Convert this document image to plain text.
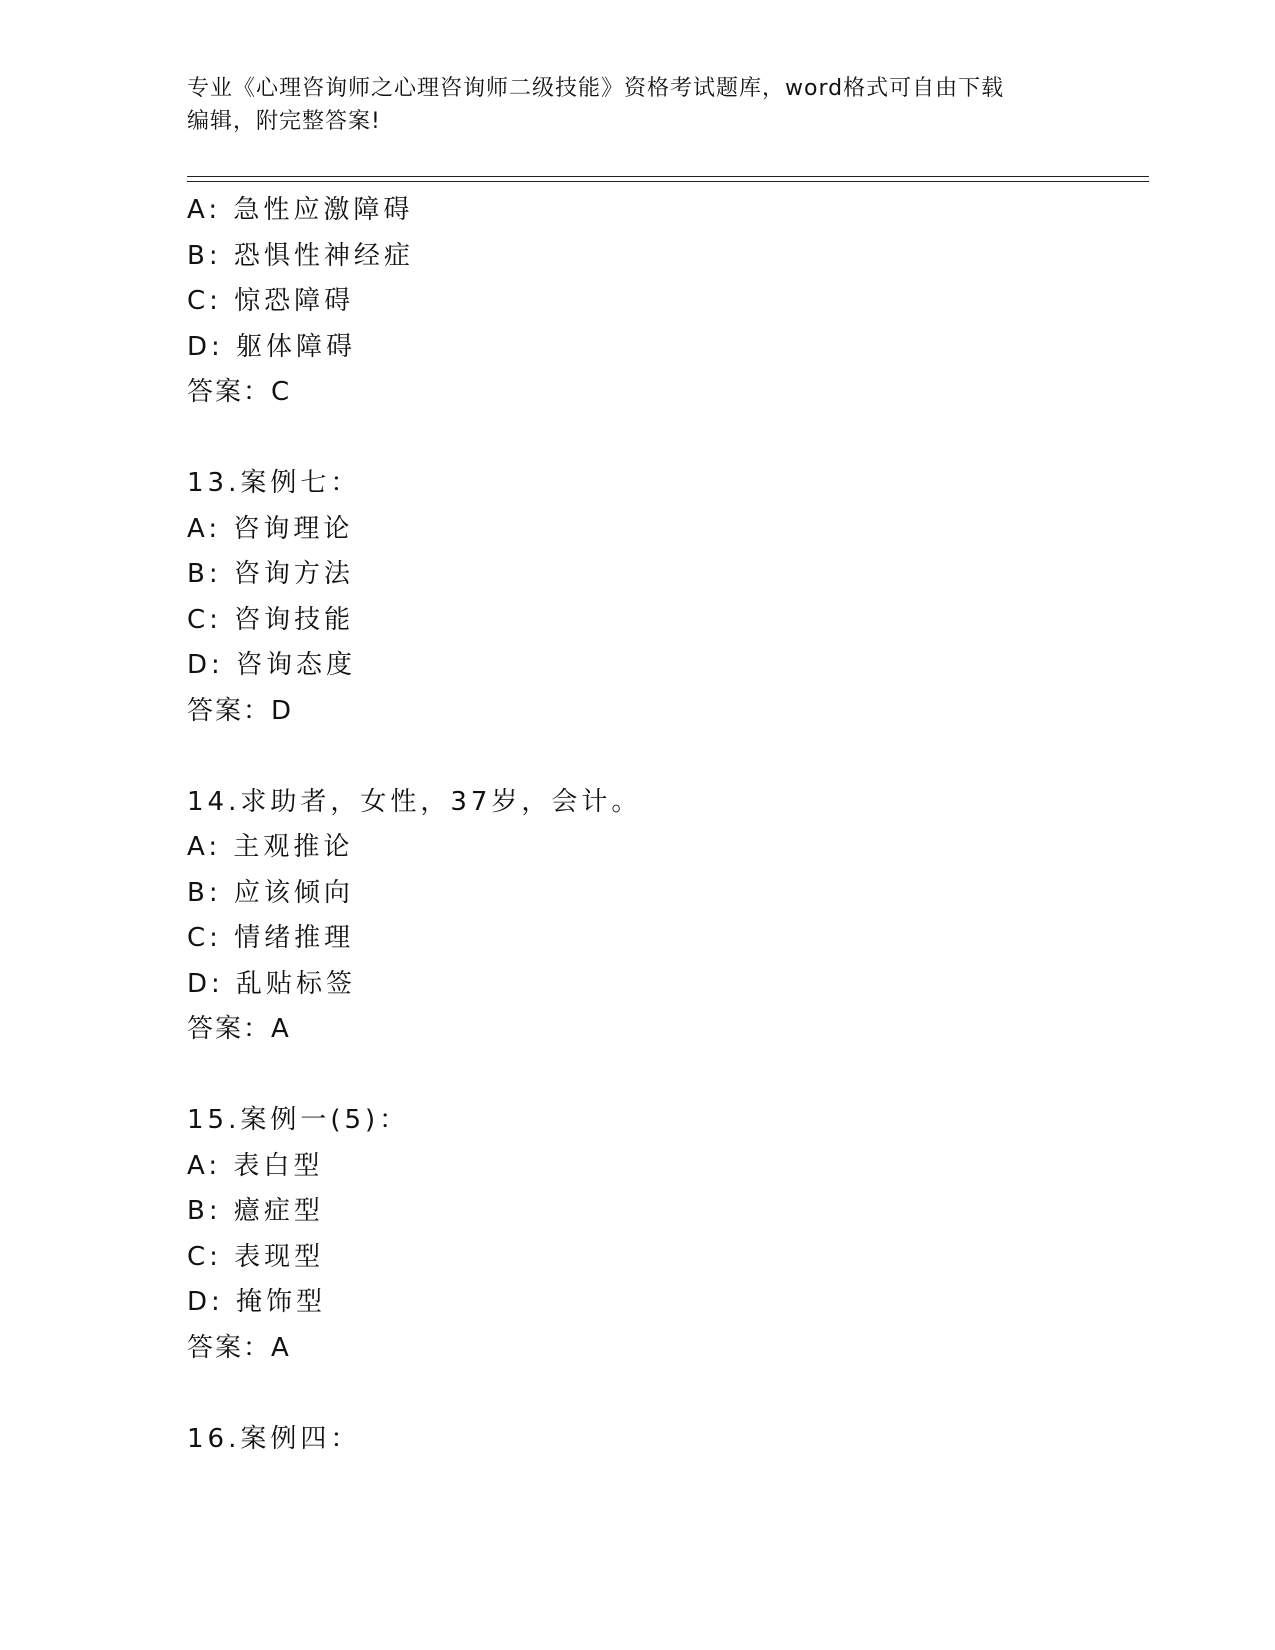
专业《心理咨询师之心理咨询师二级技能》资格考试题库，word格式可自由下载
编辑，附完整答案!
A: 急性应激障碍
B: 恐惧性神经症
C: 惊恐障碍
D: 躯体障碍
答案：C
13.案例七：
A: 咨询理论
B: 咨询方法
C: 咨询技能
D: 咨询态度
答案：D
14.求助者，女性，37岁，会计。
A: 主观推论
B: 应该倾向
C: 情绪推理
D: 乱贴标签
答案：A
15.案例一(5)：
A: 表白型
B: 癔症型
C: 表现型
D: 掩饰型
答案：A
16.案例四：
